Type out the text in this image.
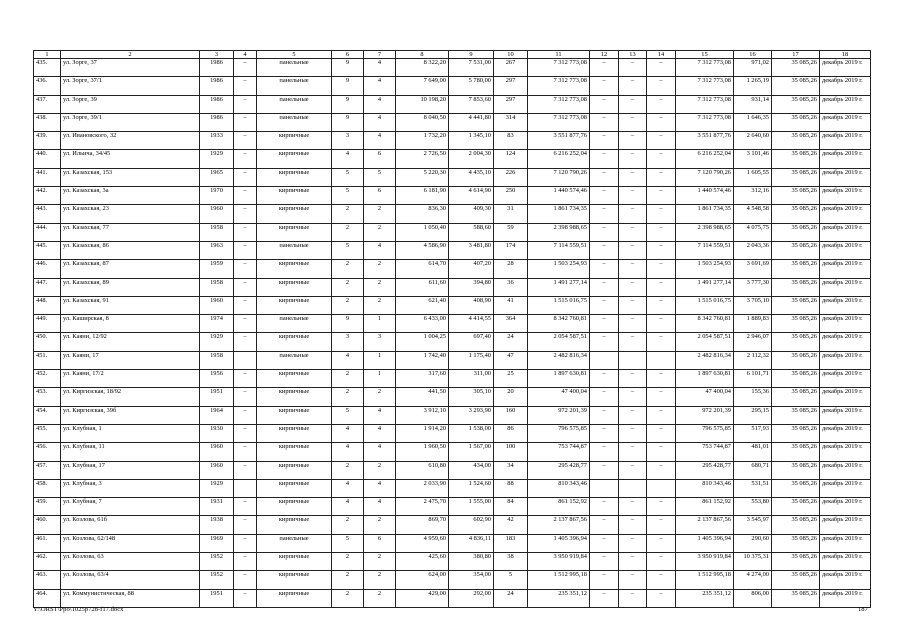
1	2	3	4	5	6	7	8	9	10	11	12	13	14	15	16	17	18
435.	ул. Зорге, 37	1986	–	панельные	9	4	8 322,20	7 531,00	267	7 312 773,08	–	–	–	7 312 773,08	971,02	35 085,26	декабрь 2019 г.
436.	ул. Зорге, 37/1	1986	–	панельные	9	4	7 649,00	5 780,00	297	7 312 773,08	–	–	–	7 312 773,08	1 265,19	35 085,26	декабрь 2019 г.
437.	ул. Зорге, 39	1986	–	панельные	9	4	10 198,20	7 853,60	297	7 312 773,08	–	–	–	7 312 773,08	931,14	35 085,26	декабрь 2019 г.
438.	ул. Зорге, 39/1	1986	–	панельные	9	4	8 040,50	4 441,80	314	7 312 773,08	–	–	–	7 312 773,08	1 646,35	35 085,26	декабрь 2019 г.
439.	ул. Ивановского, 32	1933	–	кирпичные	3	4	1 732,20	1 345,10	83	3 551 877,76	–	–	–	3 551 877,76	2 640,60	35 085,26	декабрь 2019 г.
440.	ул. Ильича, 34/45	1929	–	кирпичные	4	6	2 726,50	2 004,30	124	6 216 252,04	–	–	–	6 216 252,04	3 101,46	35 085,26	декабрь 2019 г.
441.	ул. Казахская, 153	1965	–	кирпичные	5	5	5 220,30	4 435,10	226	7 120 790,26	–	–	–	7 120 790,26	1 605,55	35 085,26	декабрь 2019 г.
442.	ул. Казахская, 3а	1970	–	кирпичные	5	6	6 181,90	4 614,90	250	1 440 574,46	–	–	–	1 440 574,46	312,16	35 085,26	декабрь 2019 г.
443.	ул. Казахская, 23	1960	–	кирпичные	2	2	836,30	409,30	31	1 861 734,35	–	–	–	1 861 734,35	4 548,58	35 085,26	декабрь 2019 г.
444.	ул. Казахская, 77	1958	–	кирпичные	2	2	1 050,40	588,60	59	2 398 988,65	–	–	–	2 398 988,65	4 075,75	35 085,26	декабрь 2019 г.
445.	ул. Казахская, 86	1963	–	панельные	5	4	4 586,90	3 481,80	174	7 114 559,51	–	–	–	7 114 559,51	2 043,36	35 085,26	декабрь 2019 г.
446.	ул. Казахская, 87	1959	–	кирпичные	2	2	614,70	407,20	28	1 503 254,93	–	–	–	1 503 254,93	3 691,69	35 085,26	декабрь 2019 г.
447.	ул. Казахская, 89	1958	–	кирпичные	2	2	611,60	394,80	36	1 491 277,14	–	–	–	1 491 277,14	3 777,30	35 085,26	декабрь 2019 г.
448.	ул. Казахская, 91	1960	–	кирпичные	2	2	621,40	408,90	41	1 515 016,75	–	–	–	1 515 016,75	3 705,10	35 085,26	декабрь 2019 г.
449.	ул. Каширская, 8	1974	–	панельные	9	1	6 433,00	4 414,55	364	8 342 760,81	–	–	–	8 342 760,81	1 889,83	35 085,26	декабрь 2019 г.
450.	ул. Каяни, 12/92	1929	–	кирпичные	3	3	1 004,25	697,40	24	2 054 587,51	–	–	–	2 054 587,51	2 946,07	35 085,26	декабрь 2019 г.
451.	ул. Каяни, 17	1958		панельные	4	1	1 742,40	1 175,40	47	2 482 816,34				2 482 816,34	2 112,32	35 085,26	декабрь 2019 г.
452.	ул. Каяни, 17/2	1956	–	кирпичные	2	1	317,60	311,00	25	1 897 630,81	–	–	–	1 897 630,81	6 101,71	35 085,26	декабрь 2019 г.
453.	ул. Киргизская, 18/92	1951	–	кирпичные	2	2	441,50	305,10	20	47 400,04	–	–	–	47 400,04	155,36	35 085,26	декабрь 2019 г.
454.	ул. Киргизская, 39б	1964	–	кирпичные	5	4	3 912,10	3 293,90	160	972 201,39	–	–	–	972 201,39	295,15	35 085,26	декабрь 2019 г.
455.	ул. Клубная, 1	1930	–	кирпичные	4	4	1 914,20	1 538,00	86	796 575,85	–	–	–	796 575,85	517,93	35 085,26	декабрь 2019 г.
456.	ул. Клубная, 11	1960	–	кирпичные	4	4	1 960,50	1 567,00	100	753 744,87	–	–	–	753 744,87	481,01	35 085,26	декабрь 2019 г.
457.	ул. Клубная, 17	1960	–	кирпичные	2	2	610,80	434,00	34	295 428,77	–	–	–	295 428,77	680,71	35 085,26	декабрь 2019 г.
458.	ул. Клубная, 3	1929		кирпичные	4	4	2 033,90	1 524,60	88	810 343,46				810 343,46	531,51	35 085,26	декабрь 2019 г.
459.	ул. Клубная, 7	1931	–	кирпичные	4	4	2 475,70	1 555,00	84	861 152,92	–	–	–	861 152,92	553,80	35 085,26	декабрь 2019 г.
460.	ул. Козлова, 61б	1938	–	кирпичные	2	2	869,70	602,90	42	2 137 867,56	–	–	–	2 137 867,56	3 545,97	35 085,26	декабрь 2019 г.
461.	ул. Козлова, 62/148	1969	–	панельные	5	6	4 959,60	4 836,11	183	1 405 396,94	–	–	–	1 405 396,94	290,60	35 085,26	декабрь 2019 г.
462.	ул. Козлова, 63	1952	–	кирпичные	2	2	425,60	380,80	38	3 950 919,84	–	–	–	3 950 919,84	10 375,31	35 085,26	декабрь 2019 г.
463.	ул. Козлова, 63/4	1952	–	кирпичные	2	2	624,00	354,00	5	1 512 995,18	–	–	–	1 512 995,18	4 274,00	35 085,26	декабрь 2019 г.
464.	ул. Коммунистическая, 88	1951	–	кирпичные	2	2	429,00	292,00	24	235 351,12	–	–	–	235 351,12	806,00	35 085,26	декабрь 2019 г.
Y:\ORST\Ppo\1025p728-f17.docx	187
